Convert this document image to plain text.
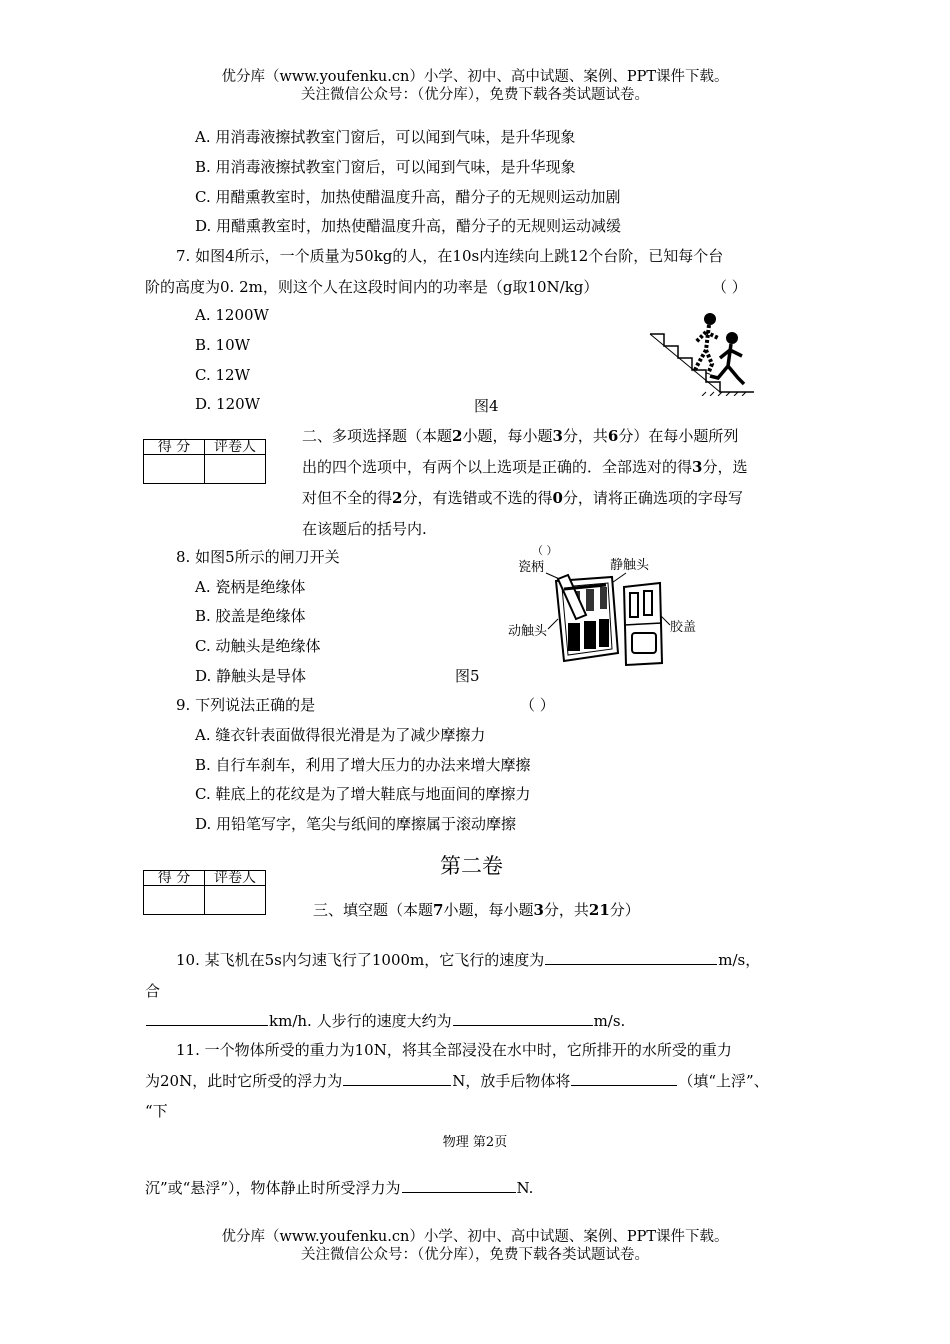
优分库（www.youfenku.cn）小学、初中、高中试题、案例、PPT课件下载。
关注微信公众号：（优分库），免费下载各类试题试卷。
A. 用消毒液擦拭教室门窗后，可以闻到气味，是升华现象
B. 用消毒液擦拭教室门窗后，可以闻到气味，是升华现象
C. 用醋熏教室时，加热使醋温度升高，醋分子的无规则运动加剧
D. 用醋熏教室时，加热使醋温度升高，醋分子的无规则运动减缓
7. 如图4所示，一个质量为50kg的人，在10s内连续向上跳12个台阶，已知每个台
阶的高度为0. 2m，则这个人在这段时间内的功率是（g取10N/kg）	（ ）
A. 1200W
B. 10W
C. 12W
D. 120W	图4
得 分	评卷人

二、多项选择题（本题2小题，每小题3分，共6分）在每小题所列
出的四个选项中，有两个以上选项是正确的．全部选对的得3分，选
对但不全的得2分，有选错或不选的得0分，请将正确选项的字母写
在该题后的括号内.
8. 如图5所示的闸刀开关	（ ）
A. 瓷柄是绝缘体
B. 胶盖是绝缘体
C. 动触头是绝缘体
D. 静触头是导体	图5
瓷柄	静触头
动触头	胶盖
9. 下列说法正确的是	（ ）
A. 缝衣针表面做得很光滑是为了减少摩擦力
B. 自行车刹车，利用了增大压力的办法来增大摩擦
C. 鞋底上的花纹是为了增大鞋底与地面间的摩擦力
D. 用铅笔写字，笔尖与纸间的摩擦属于滚动摩擦
第二卷
得 分	评卷人

三、填空题（本题7小题，每小题3分，共21分）
10. 某飞机在5s内匀速飞行了1000m，它飞行的速度为	m/s，
合
km/h. 人步行的速度大约为	m/s.
11. 一个物体所受的重力为10N，将其全部浸没在水中时，它所排开的水所受的重力
为20N，此时它所受的浮力为	N，放手后物体将	（填“上浮”、
“下
物理 第2页
沉”或“悬浮”），物体静止时所受浮力为	N.
优分库（www.youfenku.cn）小学、初中、高中试题、案例、PPT课件下载。
关注微信公众号：（优分库），免费下载各类试题试卷。
